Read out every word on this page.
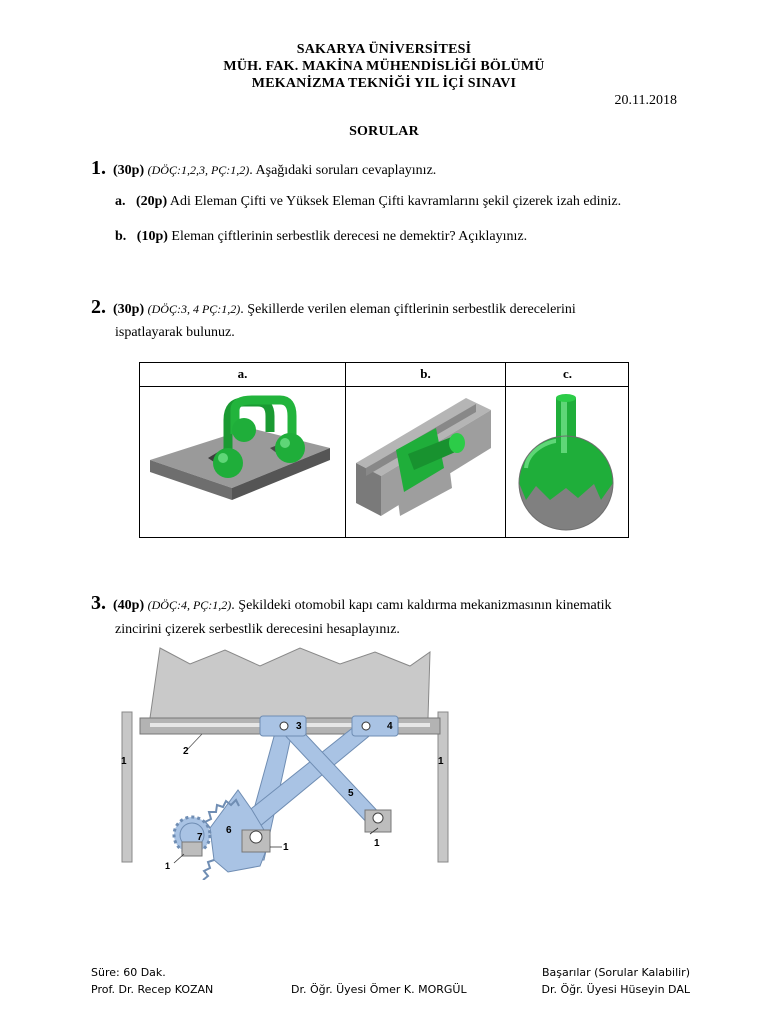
SAKARYA ÜNİVERSİTESİ
MÜH. FAK. MAKİNA MÜHENDİSLİĞİ BÖLÜMÜ
MEKANİZMA TEKNİĞİ YIL İÇİ SINAVI
20.11.2018
SORULAR
1. (30p) (DÖÇ:1,2,3, PÇ:1,2). Aşağıdaki soruları cevaplayınız.
a. (20p) Adi Eleman Çifti ve Yüksek Eleman Çifti kavramlarını şekil çizerek izah ediniz.
b. (10p) Eleman çiftlerinin serbestlik derecesi ne demektir? Açıklayınız.
2. (30p) (DÖÇ:3, 4 PÇ:1,2). Şekillerde verilen eleman çiftlerinin serbestlik derecelerini
ispatlayarak bulunuz.
a.	b.	c.
3. (40p) (DÖÇ:4, PÇ:1,2). Şekildeki otomobil kapı camı kaldırma mekanizmasının kinematik
zincirini çizerek serbestlik derecesini hesaplayınız.
1	1
2
3	4
5
6
7
1	1
1
Süre: 60 Dak.	Başarılar (Sorular Kalabilir)
Prof. Dr. Recep KOZAN	Dr. Öğr. Üyesi Ömer K. MORGÜL	Dr. Öğr. Üyesi Hüseyin DAL
